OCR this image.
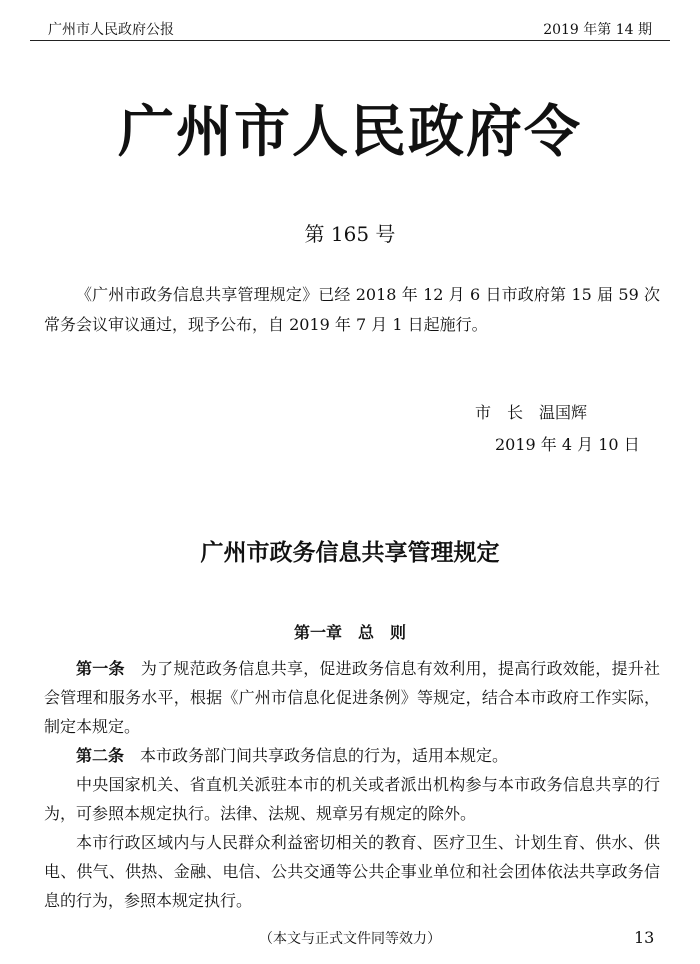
广州市人民政府公报	2019 年第 14 期
广州市人民政府令
第 165 号
《广州市政务信息共享管理规定》已经 2018 年 12 月 6 日市政府第 15 届 59 次常务会议审议通过，现予公布，自 2019 年 7 月 1 日起施行。
市　长　温国辉
2019 年 4 月 10 日
广州市政务信息共享管理规定
第一章　总　则

第一条　 为了规范政务信息共享，促进政务信息有效利用，提高行政效能，提升社会管理和服务水平，根据《广州市信息化促进条例》等规定，结合本市政府工作实际，制定本规定。

第二条　 本市政务部门间共享政务信息的行为，适用本规定。

中央国家机关、省直机关派驻本市的机关或者派出机构参与本市政务信息共享的行为，可参照本规定执行。法律、法规、规章另有规定的除外。

本市行政区域内与人民群众利益密切相关的教育、医疗卫生、计划生育、供水、供电、供气、供热、金融、电信、公共交通等公共企事业单位和社会团体依法共享政务信息的行为，参照本规定执行。

（本文与正式文件同等效力）	13
